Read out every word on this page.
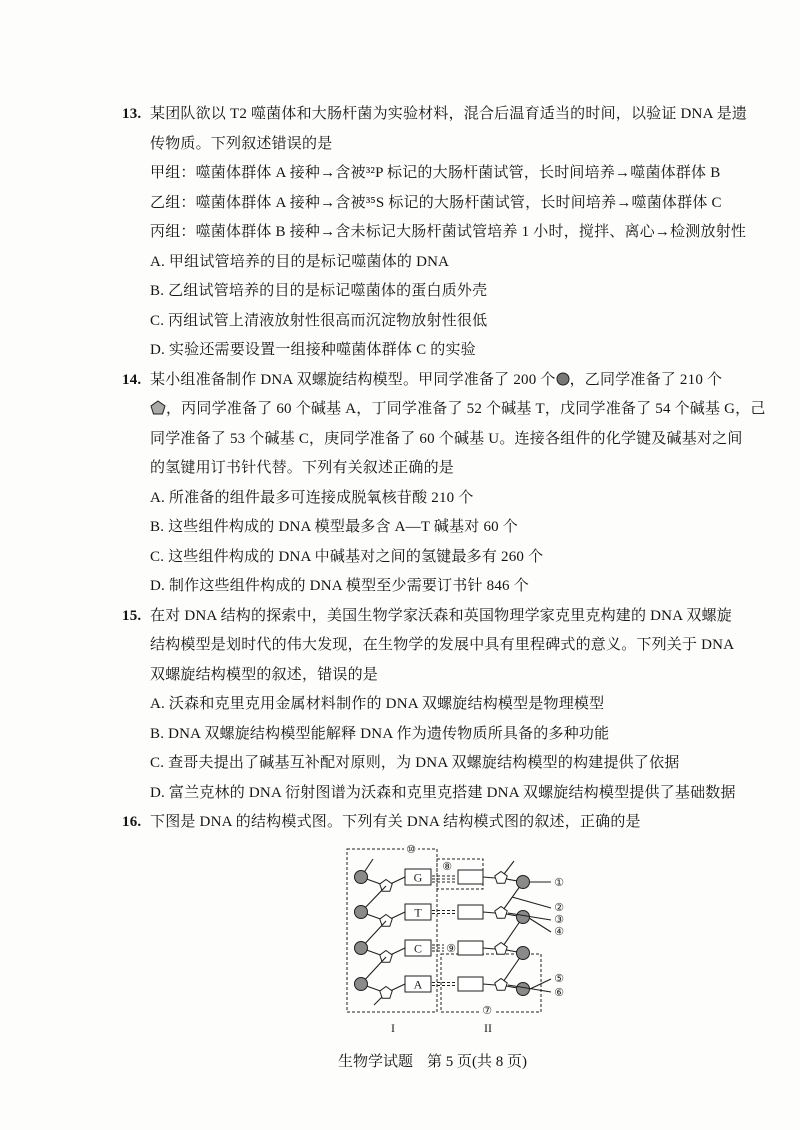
13. 某团队欲以 T2 噬菌体和大肠杆菌为实验材料，混合后温育适当的时间，以验证 DNA 是遗
传物质。下列叙述错误的是
甲组：噬菌体群体 A 接种→含被³²P 标记的大肠杆菌试管，长时间培养→噬菌体群体 B
乙组：噬菌体群体 A 接种→含被³⁵S 标记的大肠杆菌试管，长时间培养→噬菌体群体 C
丙组：噬菌体群体 B 接种→含未标记大肠杆菌试管培养 1 小时，搅拌、离心→检测放射性
A. 甲组试管培养的目的是标记噬菌体的 DNA
B. 乙组试管培养的目的是标记噬菌体的蛋白质外壳
C. 丙组试管上清液放射性很高而沉淀物放射性很低
D. 实验还需要设置一组接种噬菌体群体 C 的实验
14. 某小组准备制作 DNA 双螺旋结构模型。甲同学准备了 200 个 ，乙同学准备了 210 个
，丙同学准备了 60 个碱基 A，丁同学准备了 52 个碱基 T，戊同学准备了 54 个碱基 G，己
同学准备了 53 个碱基 C，庚同学准备了 60 个碱基 U。连接各组件的化学键及碱基对之间
的氢键用订书针代替。下列有关叙述正确的是
A. 所准备的组件最多可连接成脱氧核苷酸 210 个
B. 这些组件构成的 DNA 模型最多含 A—T 碱基对 60 个
C. 这些组件构成的 DNA 中碱基对之间的氢键最多有 260 个
D. 制作这些组件构成的 DNA 模型至少需要订书针 846 个
15. 在对 DNA 结构的探索中，美国生物学家沃森和英国物理学家克里克构建的 DNA 双螺旋
结构模型是划时代的伟大发现，在生物学的发展中具有里程碑式的意义。下列关于 DNA
双螺旋结构模型的叙述，错误的是
A. 沃森和克里克用金属材料制作的 DNA 双螺旋结构模型是物理模型
B. DNA 双螺旋结构模型能解释 DNA 作为遗传物质所具备的多种功能
C. 查哥夫提出了碱基互补配对原则，为 DNA 双螺旋结构模型的构建提供了依据
D. 富兰克林的 DNA 衍射图谱为沃森和克里克搭建 DNA 双螺旋结构模型提供了基础数据
16. 下图是 DNA 的结构模式图。下列有关 DNA 结构模式图的叙述，正确的是
G
T
C
A
①
②
③
④
⑤
⑥
⑦
⑧
⑨
⑩
I	II
生物学试题 第 5 页(共 8 页)
